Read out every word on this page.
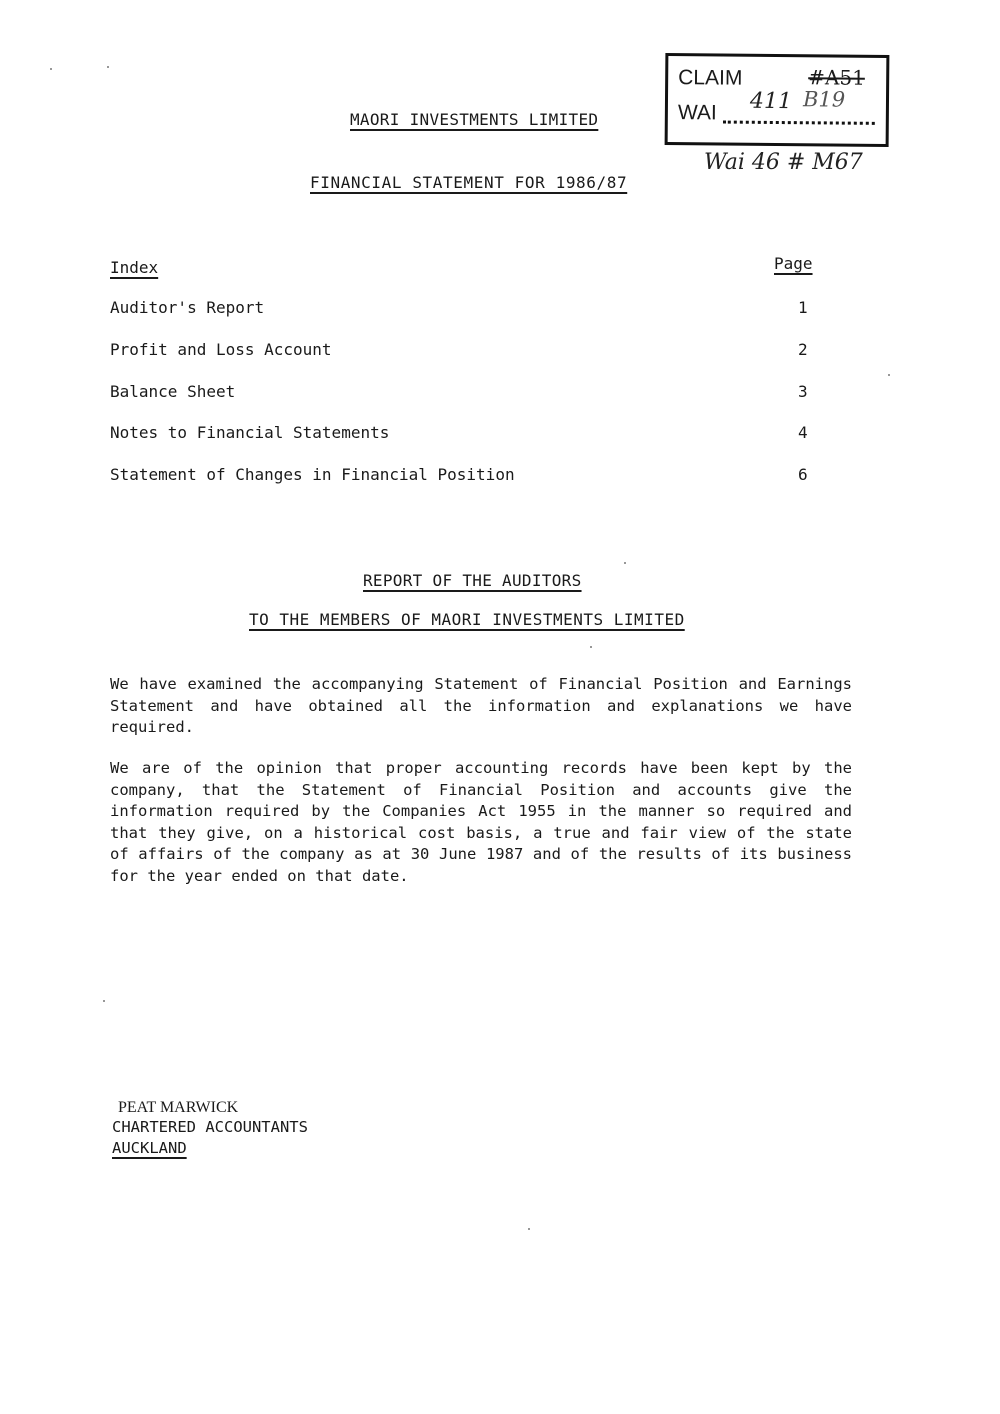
CLAIM	#A51
WAI 411 B19
Wai 46 # M67
MAORI INVESTMENTS LIMITED
FINANCIAL STATEMENT FOR 1986/87
Index	Page
Auditor's Report	1
Profit and Loss Account	2
Balance Sheet	3
Notes to Financial Statements	4
Statement of Changes in Financial Position	6
REPORT OF THE AUDITORS
TO THE MEMBERS OF MAORI INVESTMENTS LIMITED
We have examined the accompanying Statement of Financial Position and Earnings Statement and have obtained all the information and explanations we have required.
We are of the opinion that proper accounting records have been kept by the company, that the Statement of Financial Position and accounts give the information required by the Companies Act 1955 in the manner so required and that they give, on a historical cost basis, a true and fair view of the state of affairs of the company as at 30 June 1987 and of the results of its business for the year ended on that date.
PEAT MARWICK
CHARTERED ACCOUNTANTS
AUCKLAND
